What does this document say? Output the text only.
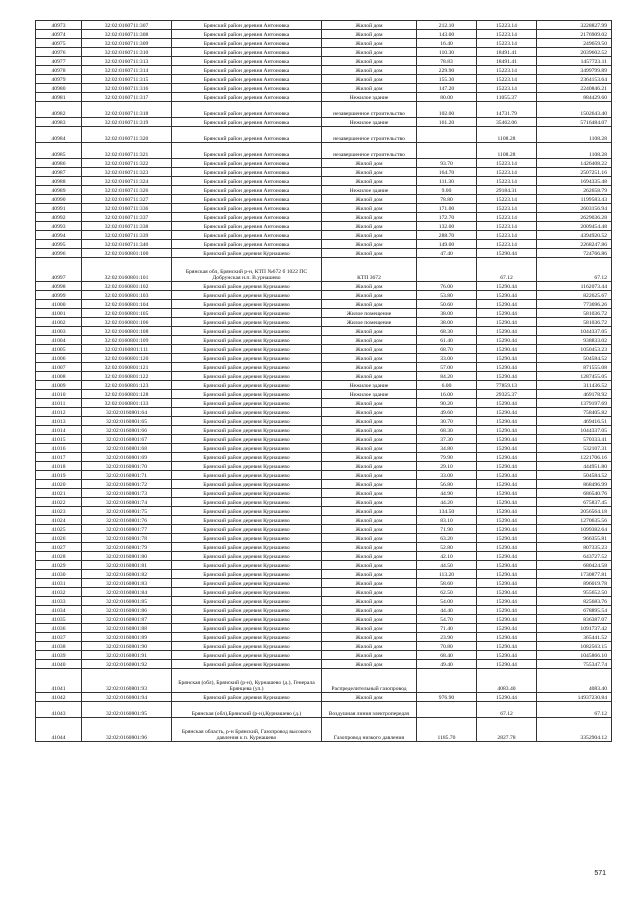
40973	32:02:0160711:307	Брянский район деревня Антоновка	Жилой дом	212.10	15223.14	3228827.99
40974	32:02:0160711:308	Брянский район деревня Антоновка	Жилой дом	143.00	15223.14	2176909.02
40975	32:02:0160711:309	Брянский район деревня Антоновка	Жилой дом	16.40	15223.14	249659.50
40976	32:02:0160711:310	Брянский район деревня Антоновка	Жилой дом	110.30	18491.41	2039602.52
40977	32:02:0160711:313	Брянский район деревня Антоновка	Жилой дом	78.83	18491.41	1457723.11
40978	32:02:0160711:314	Брянский район деревня Антоновка	Жилой дом	229.90	15223.14	3499799.89
40979	32:02:0160711:315	Брянский район деревня Антоновка	Жилой дом	155.30	15223.14	2364153.64
40980	32:02:0160711:316	Брянский район деревня Антоновка	Жилой дом	147.20	15223.14	2240846.21
40981	32:02:0160711:317	Брянский район деревня Антоновка	Нежилое здание	80.00	11055.37	884429.60
40982	32:02:0160711:318	Брянский район деревня Антоновка	незавершенное строительство	102.00	14731.79	1502643.40
40983	32:02:0160711:319	Брянский район деревня Антоновка	Нежилое здание	161.20	35462.06	5716484.07
40984	32:02:0160711:320	Брянский район деревня Антоновка	незавершенное строительство		1108.28	1108.28
40985	32:02:0160711:321	Брянский район деревня Антоновка	незавершенное строительство		1108.28	1108.28
40986	32:02:0160711:322	Брянский район деревня Антоновка	Жилой дом	93.70	15223.14	1426408.22
40987	32:02:0160711:323	Брянский район деревня Антоновка	Жилой дом	164.70	15223.14	2507251.16
40988	32:02:0160711:324	Брянский район деревня Антоновка	Жилой дом	111.30	15223.14	1694335.48
40989	32:02:0160711:326	Брянский район деревня Антоновка	Нежилое здание	9.00	29184.31	262658.79
40990	32:02:0160711:327	Брянский район деревня Антоновка	Жилой дом	78.80	15223.14	1199583.43
40991	32:02:0160711:336	Брянский район деревня Антоновка	Жилой дом	171.00	15223.14	2603156.94
40992	32:02:0160711:337	Брянский район деревня Антоновка	Жилой дом	172.70	15223.14	2629036.28
40993	32:02:0160711:338	Брянский район деревня Антоновка	Жилой дом	132.00	15223.14	2009454.48
40994	32:02:0160711:339	Брянский район деревня Антоновка	Жилой дом	288.70	15223.14	4394920.52
40995	32:02:0160711:340	Брянский район деревня Антоновка	Жилой дом	149.00	15223.14	2268247.86
40996	32:02:0160801:100	Брянский район деревня Курнашево	Жилой дом	47.40	15290.44	724766.86
40997	32:02:0160801:101	Брянская обл, Брянский р-н, КТП №672 б 1022 ПС Добрунская н.п. В.урнашево	КТП 3672		67.12	67.12
40998	32:02:0160801:102	Брянский район деревня Курнашево	Жилой дом	76.00	15290.44	1162073.44
40999	32:02:0160801:103	Брянский район деревня Курнашево	Жилой дом	53.80	15290.44	822625.67
41000	32:02:0160801:104	Брянский район деревня Курнашево	Жилой дом	50.60	15290.44	773696.26
41001	32:02:0160801:105	Брянский район деревня Курнашево	Жилое помещение	38.00	15290.44	581036.72
41002	32:02:0160801:106	Брянский район деревня Курнашево	Жилое помещение	38.00	15290.44	581036.72
41003	32:02:0160801:108	Брянский район деревня Курнашево	Жилой дом	68.30	15290.44	1044337.05
41004	32:02:0160801:109	Брянский район деревня Курнашево	Жилой дом	61.40	15290.44	938833.02
41005	32:02:0160801:111	Брянский район деревня Курнашево	Жилой дом	68.70	15290.44	1050453.23
41006	32:02:0160801:120	Брянский район деревня Курнашево	Жилой дом	33.00	15290.44	504584.52
41007	32:02:0160801:121	Брянский район деревня Курнашево	Жилой дом	57.00	15290.44	871555.08
41008	32:02:0160801:122	Брянский район деревня Курнашево	Жилой дом	84.20	15290.44	1287455.05
41009	32:02:0160801:123	Брянский район деревня Курнашево	Нежилое здание	6.00	77859.13	311436.52
41010	32:02:0160801:128	Брянский район деревня Курнашево	Нежилое здание	16.00	29325.37	469178.92
41011	32:02:0160801:133	Брянский район деревня Курнашево	Жилой дом	90.20	15290.44	1379197.69
41012	32:02:0160801:64	Брянский район деревня Курнашево	Жилой дом	49.60	15290.44	758405.82
41013	32:02:0160801:65	Брянский район деревня Курнашево	Жилой дом	30.70	15290.44	469416.51
41014	32:02:0160801:66	Брянский район деревня Курнашево	Жилой дом	68.30	15290.44	1044337.05
41015	32:02:0160801:67	Брянский район деревня Курнашево	Жилой дом	37.30	15290.44	570333.41
41016	32:02:0160801:68	Брянский район деревня Курнашево	Жилой дом	34.80	15290.44	532107.31
41017	32:02:0160801:69	Брянский район деревня Курнашево	Жилой дом	79.90	15290.44	1221706.16
41018	32:02:0160801:70	Брянский район деревня Курнашево	Жилой дом	29.10	15290.44	444951.80
41019	32:02:0160801:71	Брянский район деревня Курнашево	Жилой дом	33.00	15290.44	504584.52
41020	32:02:0160801:72	Брянский район деревня Курнашево	Жилой дом	56.80	15290.44	868496.99
41021	32:02:0160801:73	Брянский район деревня Курнашево	Жилой дом	44.90	15290.44	686540.76
41022	32:02:0160801:74	Брянский район деревня Курнашево	Жилой дом	44.20	15290.44	675837.45
41023	32:02:0160801:75	Брянский район деревня Курнашево	Жилой дом	134.50	15290.44	2056564.18
41024	32:02:0160801:76	Брянский район деревня Курнашево	Жилой дом	83.10	15290.44	1270635.56
41025	32:02:0160801:77	Брянский район деревня Курнашево	Жилой дом	71.90	15290.44	1099382.64
41026	32:02:0160801:78	Брянский район деревня Курнашево	Жилой дом	63.20	15290.44	966355.81
41027	32:02:0160801:79	Брянский район деревня Курнашево	Жилой дом	52.80	15290.44	807335.23
41028	32:02:0160801:80	Брянский район деревня Курнашево	Жилой дом	42.10	15290.44	643727.52
41029	32:02:0160801:81	Брянский район деревня Курнашево	Жилой дом	44.50	15290.44	680424.58
41030	32:02:0160801:82	Брянский район деревня Курнашево	Жилой дом	113.20	15290.44	1730877.81
41031	32:02:0160801:83	Брянский район деревня Курнашево	Жилой дом	58.60	15290.44	896019.78
41032	32:02:0160801:84	Брянский район деревня Курнашево	Жилой дом	62.50	15290.44	955652.50
41033	32:02:0160801:85	Брянский район деревня Курнашево	Жилой дом	54.00	15290.44	825683.76
41034	32:02:0160801:86	Брянский район деревня Курнашево	Жилой дом	44.40	15290.44	678895.54
41035	32:02:0160801:87	Брянский район деревня Курнашево	Жилой дом	54.70	15290.44	836387.07
41036	32:02:0160801:88	Брянский район деревня Курнашево	Жилой дом	71.40	15290.44	1091737.42
41037	32:02:0160801:89	Брянский район деревня Курнашево	Жилой дом	23.90	15290.44	365441.52
41038	32:02:0160801:90	Брянский район деревня Курнашево	Жилой дом	70.80	15290.44	1082563.15
41039	32:02:0160801:91	Брянский район деревня Курнашево	Жилой дом	68.40	15290.44	1045866.10
41040	32:02:0160801:92	Брянский район деревня Курнашево	Жилой дом	49.40	15290.44	755347.74
41041	32:02:0160801:93	Брянская (обл), Брянский (р-н), Курнашево (д.), Генерала Брянцева (ул.)	Распределительный газопровод		4083.40	4083.40
41042	32:02:0160801:94	Брянский район деревня Курнашево	Жилой дом	976.90	15290.44	14937230.84
41043	32:02:0160801:95	Брянская (обл),Брянский (р-н),Курнашево (д.)	Воздушная линия электропередач		67.12	67.12
41044	32:02:0160801:96	Брянская область, р-н Брянский, Газопровод высокого давления к п. Курнашево	Газопровод низкого давления	1185.70	2827.78	3352904.12
571
